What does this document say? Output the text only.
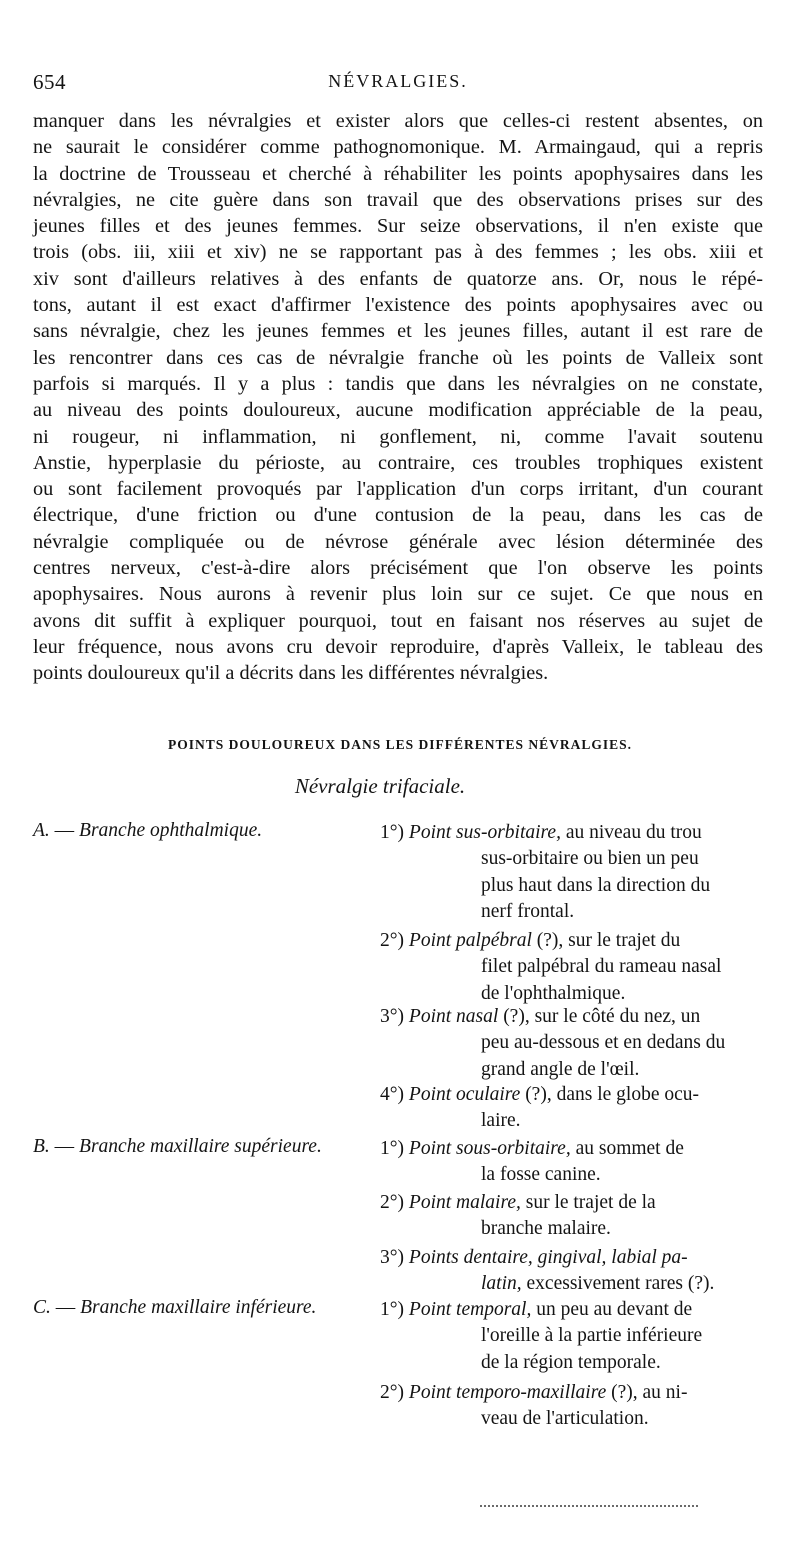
654	NÉVRALGIES.
manquer dans les névralgies et exister alors que celles-ci restent absentes, on
ne saurait le considérer comme pathognomonique. M. Armaingaud, qui a repris
la doctrine de Trousseau et cherché à réhabiliter les points apophysaires dans les
névralgies, ne cite guère dans son travail que des observations prises sur des
jeunes filles et des jeunes femmes. Sur seize observations, il n'en existe que
trois (obs. iii, xiii et xiv) ne se rapportant pas à des femmes ; les obs. xiii et
xiv sont d'ailleurs relatives à des enfants de quatorze ans. Or, nous le répé-
tons, autant il est exact d'affirmer l'existence des points apophysaires avec ou
sans névralgie, chez les jeunes femmes et les jeunes filles, autant il est rare de
les rencontrer dans ces cas de névralgie franche où les points de Valleix sont
parfois si marqués. Il y a plus : tandis que dans les névralgies on ne constate,
au niveau des points douloureux, aucune modification appréciable de la peau,
ni rougeur, ni inflammation, ni gonflement, ni, comme l'avait soutenu
Anstie, hyperplasie du périoste, au contraire, ces troubles trophiques existent
ou sont facilement provoqués par l'application d'un corps irritant, d'un courant
électrique, d'une friction ou d'une contusion de la peau, dans les cas de
névralgie compliquée ou de névrose générale avec lésion déterminée des
centres nerveux, c'est-à-dire alors précisément que l'on observe les points
apophysaires. Nous aurons à revenir plus loin sur ce sujet. Ce que nous en
avons dit suffit à expliquer pourquoi, tout en faisant nos réserves au sujet de
leur fréquence, nous avons cru devoir reproduire, d'après Valleix, le tableau des
points douloureux qu'il a décrits dans les différentes névralgies.
POINTS DOULOUREUX DANS LES DIFFÉRENTES NÉVRALGIES.
Névralgie trifaciale.
A. — Branche ophthalmique.	1°) Point sus-orbitaire, au niveau du trou
sus-orbitaire ou bien un peu
plus haut dans la direction du
nerf frontal.
2°) Point palpébral (?), sur le trajet du
filet palpébral du rameau nasal
de l'ophthalmique.
3°) Point nasal (?), sur le côté du nez, un
peu au-dessous et en dedans du
grand angle de l'œil.
4°) Point oculaire (?), dans le globe ocu-
laire.
B. — Branche maxillaire supérieure.	1°) Point sous-orbitaire, au sommet de
la fosse canine.
2°) Point malaire, sur le trajet de la
branche malaire.
3°) Points dentaire, gingival, labial pa-
latin, excessivement rares (?).
C. — Branche maxillaire inférieure.	1°) Point temporal, un peu au devant de
l'oreille à la partie inférieure
de la région temporale.
2°) Point temporo-maxillaire (?), au ni-
veau de l'articulation.
